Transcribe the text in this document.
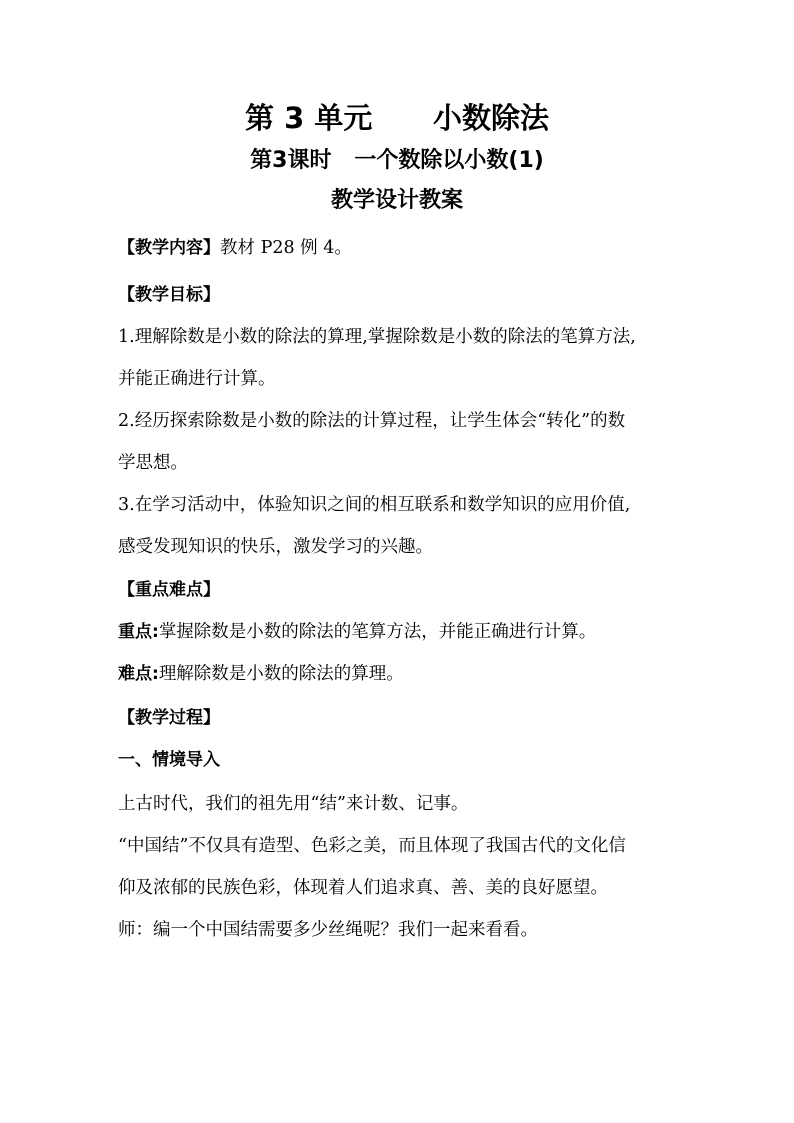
第 3 单元      小数除法
第3课时   一个数除以小数(1)
教学设计教案
【教学内容】教材 P28 例 4。
【教学目标】
1.理解除数是小数的除法的算理,掌握除数是小数的除法的笔算方法,
并能正确进行计算。
2.经历探索除数是小数的除法的计算过程，让学生体会“转化”的数
学思想。
3.在学习活动中，体验知识之间的相互联系和数学知识的应用价值,
感受发现知识的快乐，激发学习的兴趣。
【重点难点】
重点:掌握除数是小数的除法的笔算方法，并能正确进行计算。
难点:理解除数是小数的除法的算理。
【教学过程】
一、情境导入
上古时代，我们的祖先用“结”来计数、记事。
“中国结”不仅具有造型、色彩之美，而且体现了我国古代的文化信
仰及浓郁的民族色彩，体现着人们追求真、善、美的良好愿望。
师：编一个中国结需要多少丝绳呢？我们一起来看看。
